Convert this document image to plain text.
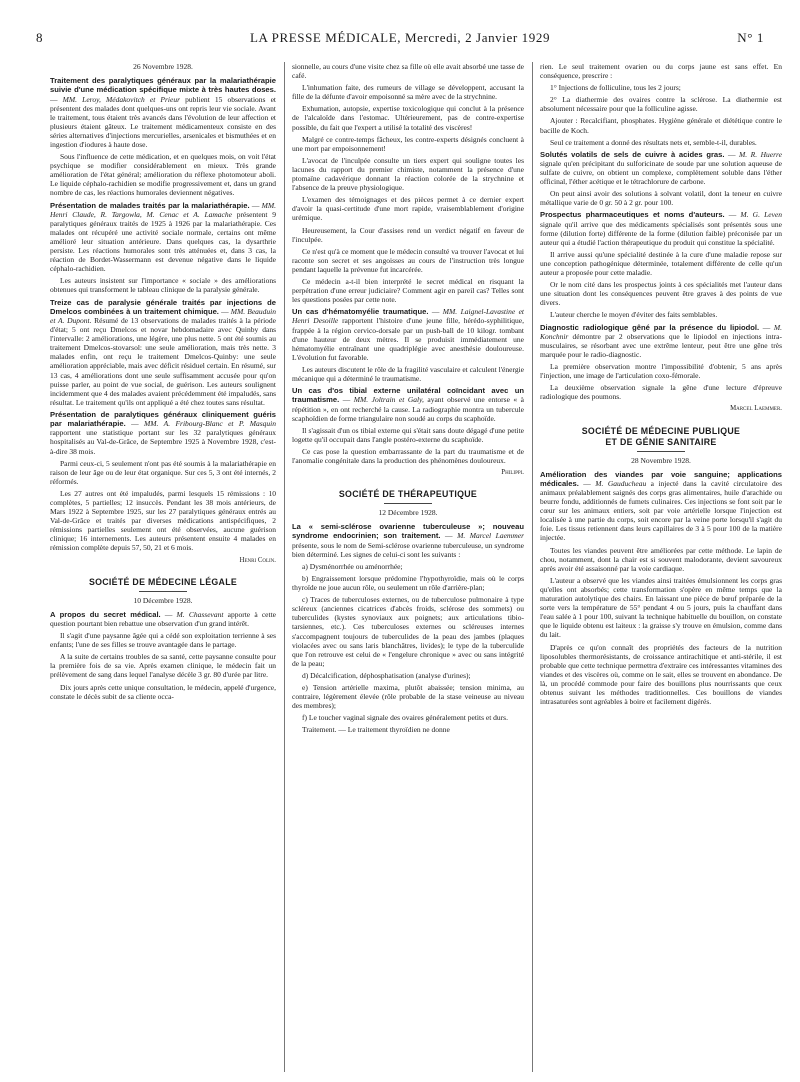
8	LA PRESSE MÉDICALE, Mercredi, 2 Janvier 1929	N° 1

26 Novembre 1928.

Traitement des paralytiques généraux par la malariathérapie suivie d'une médication spécifique mixte à très hautes doses. — MM. Leroy, Médakovitch et Prieur publient 15 observations et présentent des malades dont quelques-uns ont repris leur vie sociale. Avant le traitement, tous étaient très avancés dans l'évolution de leur affection et plusieurs étaient gâteux. Le traitement médicamenteux consiste en des séries alternatives d'injections mercurielles, arsenicales et bismuthées et en ingestion d'iodures à haute dose.

Sous l'influence de cette médication, et en quelques mois, on voit l'état psychique se modifier considérablement en mieux. Très grande amélioration de l'état général; amélioration du réflexe photomoteur aboli. Le liquide céphalo-rachidien se modifie progressivement et, dans un grand nombre de cas, les réactions humorales deviennent négatives.

Présentation de malades traités par la malariathérapie. — MM. Henri Claude, R. Targowla, M. Cenac et A. Lamache présentent 9 paralytiques généraux traités de 1925 à 1926 par la malariathérapie. Ces malades ont récupéré une activité sociale normale, certains ont même amélioré leur situation antérieure. Dans quelques cas, la dysarthrie persiste. Les réactions humorales sont très atténuées et, dans 3 cas, la réaction de Bordet-Wassermann est devenue négative dans le liquide céphalo-rachidien.

Les auteurs insistent sur l'importance « sociale » des améliorations obtenues qui transforment le tableau clinique de la paralysie générale.

Treize cas de paralysie générale traités par injections de Dmelcos combinées à un traitement chimique. — MM. Beauduin et A. Dupont. Résumé de 13 observations de malades traités à la période d'état; 5 ont reçu Dmelcos et novar hebdomadaire avec Quinby dans l'intervalle: 2 améliorations, une légère, une plus nette. 5 ont été soumis au traitement Dmelcos-stovarsol: une seule amélioration, mais très nette. 3 malades enfin, ont reçu le traitement Dmelcos-Quinby: une seule amélioration appréciable, mais avec déficit résiduel certain. En résumé, sur 13 cas, 4 améliorations dont une seule suffisamment accusée pour qu'on puisse parler, au point de vue social, de guérison. Les auteurs soulignent incidemment que 4 des malades avaient précédemment été impaludés, sans résultat. Le traitement qu'ils ont appliqué a été chez toutes sans résultat.

Présentation de paralytiques généraux cliniquement guéris par malariathérapie. — MM. A. Fribourg-Blanc et P. Masquin rapportent une statistique portant sur les 32 paralytiques généraux hospitalisés au Val-de-Grâce, de Septembre 1925 à Novembre 1928, c'est-à-dire 38 mois.

Parmi ceux-ci, 5 seulement n'ont pas été soumis à la malariathérapie en raison de leur âge ou de leur état organique. Sur ces 5, 3 ont été internés, 2 réformés.

Les 27 autres ont été impaludés, parmi lesquels 15 rémissions : 10 complètes, 5 partielles; 12 insuccès. Pendant les 38 mois antérieurs, de Mars 1922 à Septembre 1925, sur les 27 paralytiques généraux entrés au Val-de-Grâce et traités par diverses médications antispécifiques, 2 rémissions partielles seulement ont été observées, aucune guérison clinique; 16 internements. Les auteurs présentent ensuite 4 malades en rémission complète depuis 57, 50, 21 et 6 mois.

Henri Colin.

SOCIÉTÉ DE MÉDECINE LÉGALE

10 Décembre 1928.

A propos du secret médical. — M. Chassevant apporte à cette question pourtant bien rebattue une observation d'un grand intérêt.

Il s'agit d'une paysanne âgée qui a cédé son exploitation terrienne à ses enfants; l'une de ses filles se trouve avantagée dans le partage.

A la suite de certains troubles de sa santé, cette paysanne consulte pour la première fois de sa vie. Après examen clinique, le médecin fait un prélèvement de sang dans lequel l'analyse décèle 3 gr. 80 d'urée par litre.

Dix jours après cette unique consultation, le médecin, appelé d'urgence, constate le décès subit de sa cliente occa-

sionnelle, au cours d'une visite chez sa fille où elle avait absorbé une tasse de café.

L'inhumation faite, des rumeurs de village se développent, accusant la fille de la défunte d'avoir empoisonné sa mère avec de la strychnine.

Exhumation, autopsie, expertise toxicologique qui conclut à la présence de l'alcaloïde dans l'estomac. Ultérieurement, pas de contre-expertise possible, du fait que l'expert a utilisé la totalité des viscères!

Malgré ce contre-temps fâcheux, les contre-experts désignés concluent à une mort par empoisonnement!

L'avocat de l'inculpée consulte un tiers expert qui souligne toutes les lacunes du rapport du premier chimiste, notamment la présence d'une ptomaïne cadavérique donnant la réaction colorée de la strychnine et l'absence de la preuve physiologique.

L'examen des témoignages et des pièces permet à ce dernier expert d'avoir la quasi-certitude d'une mort rapide, vraisemblablement d'origine urémique.

Heureusement, la Cour d'assises rend un verdict négatif en faveur de l'inculpée.

Ce n'est qu'à ce moment que le médecin consulté va trouver l'avocat et lui raconte son secret et ses angoisses au cours de l'instruction très longue pendant laquelle la prévenue fut incarcérée.

Ce médecin a-t-il bien interprété le secret médical en risquant la perpétration d'une erreur judiciaire? Comment agir en pareil cas? Telles sont les questions posées par cette note.

Un cas d'hématomyélie traumatique. — MM. Laignel-Lavastine et Henri Desoille rapportent l'histoire d'une jeune fille, hérédo-syphilitique, frappée à la région cervico-dorsale par un push-ball de 10 kilogr. tombant d'une hauteur de deux mètres. Il se produisit immédiatement une hématomyélie entraînant une quadriplégie avec anesthésie douloureuse. L'évolution fut favorable.

Les auteurs discutent le rôle de la fragilité vasculaire et calculent l'énergie mécanique qui a déterminé le traumatisme.

Un cas d'os tibial externe unilatéral coïncidant avec un traumatisme. — MM. Joltrain et Galy, ayant observé une entorse « à répétition », en ont recherché la cause. La radiographie montra un tubercule scaphoïdien de forme triangulaire non soudé au corps du scaphoïde.

Il s'agissait d'un os tibial externe qui s'était sans doute dégagé d'une petite logette qu'il occupait dans l'angle postéro-externe du scaphoïde.

Ce cas pose la question embarrassante de la part du traumatisme et de l'anomalie congénitale dans la production des phénomènes douloureux.

Philippi.

SOCIÉTÉ DE THÉRAPEUTIQUE

12 Décembre 1928.

La « semi-sclérose ovarienne tuberculeuse »; nouveau syndrome endocrinien; son traitement. — M. Marcel Laemmer présente, sous le nom de Semi-sclérose ovarienne tuberculeuse, un syndrome bien déterminé. Les signes de celui-ci sont les suivants :

a) Dysménorrhée ou aménorrhée;

b) Engraissement lorsque prédomine l'hypothyroïdie, mais où le corps thyroïde ne joue aucun rôle, ou seulement un rôle d'arrière-plan;

c) Traces de tuberculoses externes, ou de tuberculose pulmonaire à type scléreux (anciennes cicatrices d'abcès froids, sclérose des sommets) ou tuberculides (kystes synoviaux aux poignets; aux articulations tibio-tarsiennes, etc.). Ces tuberculoses externes ou scléreuses internes s'accompagnent toujours de tuberculides de la peau des jambes (plaques violacées avec ou sans laris blanchâtres, livides); le type de la tuberculide que l'on retrouve est celui de « l'engelure chronique » avec ou sans intégrité de la peau;

d) Décalcification, déphosphatisation (analyse d'urines);

e) Tension artérielle maxima, plutôt abaissée; tension minima, au contraire, légèrement élevée (rôle probable de la stase veineuse au niveau des membres);

f) Le toucher vaginal signale des ovaires généralement petits et durs.

Traitement. — Le traitement thyroïdien ne donne

rien. Le seul traitement ovarien ou du corps jaune est sans effet. En conséquence, prescrire :

1° Injections de folliculine, tous les 2 jours;

2° La diathermie des ovaires contre la sclérose. La diathermie est absolument nécessaire pour que la folliculine agisse.

Ajouter : Recalcifiant, phosphates. Hygiène générale et diététique contre le bacille de Koch.

Seul ce traitement a donné des résultats nets et, semble-t-il, durables.

Solutés volatils de sels de cuivre à acides gras. — M. R. Huerre signale qu'en précipitant du sulforicinate de soude par une solution aqueuse de sulfate de cuivre, on obtient un complexe, complètement soluble dans l'éther officinal, l'éther acétique et le tétrachlorure de carbone.

On peut ainsi avoir des solutions à solvant volatil, dont la teneur en cuivre métallique varie de 0 gr. 50 à 2 gr. pour 100.

Prospectus pharmaceutiques et noms d'auteurs. — M. G. Leven signale qu'il arrive que des médicaments spécialisés sont présentés sous une forme (dilution forte) différente de la forme (dilution faible) préconisée par un auteur qui a étudié l'action thérapeutique du produit qui constitue la spécialité.

Il arrive aussi qu'une spécialité destinée à la cure d'une maladie repose sur une conception pathogénique déterminée, totalement différente de celle qu'un auteur a proposée pour cette maladie.

Or le nom cité dans les prospectus joints à ces spécialités met l'auteur dans une situation dont les conséquences peuvent être graves à des points de vue divers.

L'auteur cherche le moyen d'éviter des faits semblables.

Diagnostic radiologique gêné par la présence du lipiodol. — M. Konchnir démontre par 2 observations que le lipiodol en injections intra-musculaires, se résorbant avec une extrême lenteur, peut être une gêne très marquée pour le radio-diagnostic.

La première observation montre l'impossibilité d'obtenir, 5 ans après l'injection, une image de l'articulation coxo-fémorale.

La deuxième observation signale la gêne d'une lecture d'épreuve radiologique des poumons.

Marcel Laemmer.

SOCIÉTÉ DE MÉDECINE PUBLIQUE
ET DE GÉNIE SANITAIRE

28 Novembre 1928.

Amélioration des viandes par voie sanguine; applications médicales. — M. Gauducheau a injecté dans la cavité circulatoire des animaux préalablement saignés des corps gras alimentaires, huile d'arachide ou beurre fondu, additionnés de fumets culinaires. Ces injections se font soit par le cœur sur les animaux entiers, soit par voie artérielle lorsque l'injection est localisée à une partie du corps, soit encore par la veine porte lorsqu'il s'agit du foie. Les tissus retiennent dans leurs capillaires de 3 à 5 pour 100 de la matière injectée.

Toutes les viandes peuvent être améliorées par cette méthode. Le lapin de chou, notamment, dont la chair est si souvent malodorante, devient savoureux après avoir été assaisonné par la voie cardiaque.

L'auteur a observé que les viandes ainsi traitées émulsionnent les corps gras qu'elles ont absorbés; cette transformation s'opère en même temps que la maturation autolytique des chairs. En laissant une pièce de bœuf préparée de la sorte vers la température de 55° pendant 4 ou 5 jours, puis la chauffant dans l'eau salée à 1 pour 100, suivant la technique habituelle du bouillon, on constate que le liquide obtenu est laiteux : la graisse s'y trouve en émulsion, comme dans du lait.

D'après ce qu'on connaît des propriétés des facteurs de la nutrition liposolubles thermorésistants, de croissance antirachitique et anti-stérile, il est probable que cette technique permettra d'extraire ces intéressantes vitamines des viandes et des viscères où, comme on le sait, elles se trouvent en abondance. De là, un procédé commode pour faire des bouillons plus nourrissants que ceux obtenus suivant les méthodes traditionnelles. Ces bouillons de viandes intrasaturées sont agréables à boire et facilement digérés.
